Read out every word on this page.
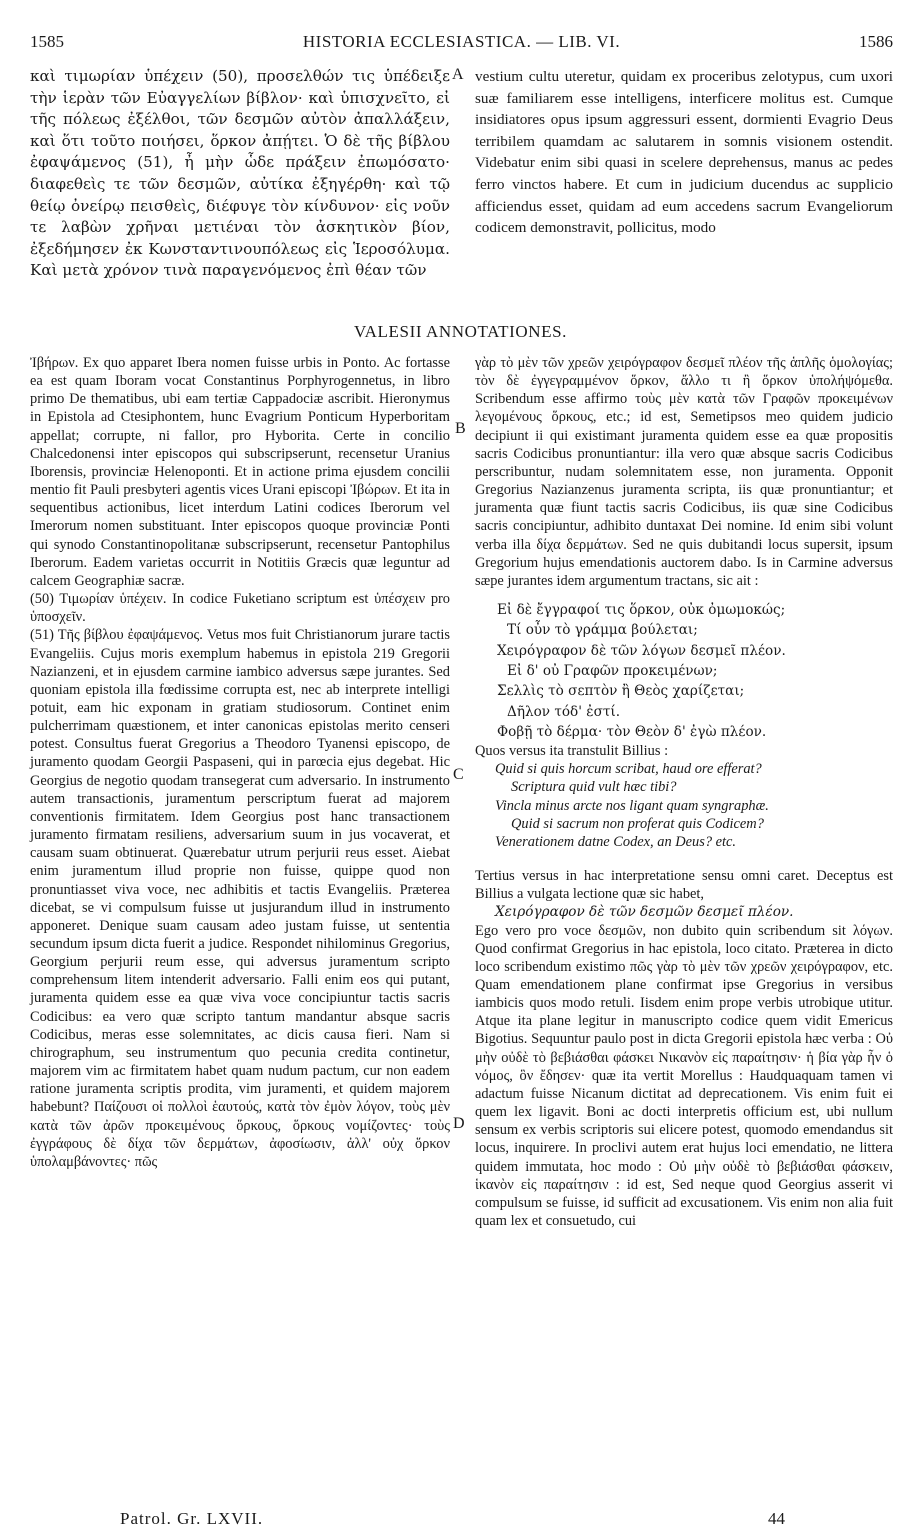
1585	HISTORIA ECCLESIASTICA. — LIB. VI.	1586

καὶ τιμωρίαν ὑπέχειν (50), προσελθών τις ὑπέδειξε τὴν ἱερὰν τῶν Εὐαγγελίων βίβλον· καὶ ὑπισχνεῖτο, εἰ τῆς πόλεως ἐξέλθοι, τῶν δεσμῶν αὐτὸν ἀπαλλάξειν, καὶ ὅτι τοῦτο ποιήσει, ὅρκον ἀπῄτει. Ὁ δὲ τῆς βίβλου ἐφαψάμενος (51), ἦ μὴν ὧδε πράξειν ἐπωμόσατο· διαφεθεὶς τε τῶν δεσμῶν, αὐτίκα ἐξηγέρθη· καὶ τῷ θείῳ ὀνείρῳ πεισθεὶς, διέφυγε τὸν κίνδυνον· εἰς νοῦν τε λαβὼν χρῆναι μετιέναι τὸν ἀσκητικὸν βίον, ἐξεδήμησεν ἐκ Κωνσταντινουπόλεως εἰς Ἱεροσόλυμα. Καὶ μετὰ χρόνον τινὰ παραγενόμενος ἐπὶ θέαν τῶν

A vestium cultu uteretur, quidam ex proceribus zelotypus, cum uxori suæ familiarem esse intelligens, interficere molitus est. Cumque insidiatores opus ipsum aggressuri essent, dormienti Evagrio Deus terribilem quamdam ac salutarem in somnis visionem ostendit. Videbatur enim sibi quasi in scelere deprehensus, manus ac pedes ferro vinctos habere. Et cum in judicium ducendus ac supplicio afficiendus esset, quidam ad eum accedens sacrum Evangeliorum codicem demonstravit, pollicitus, modo

VALESII ANNOTATIONES.

Ἰβήρων. Ex quo apparet Ibera nomen fuisse urbis in Ponto. Ac fortasse ea est quam Iboram vocat Constantinus Porphyrogennetus, in libro primo De thematibus, ubi eam tertiæ Cappadociæ ascribit. Hieronymus in Epistola ad Ctesiphontem, hunc Evagrium Ponticum Hyperboritam appellat; corrupte, ni fallor, pro Hyborita. Certe in concilio Chalcedonensi inter episcopos qui subscripserunt, recensetur Uranius Iborensis, provinciæ Helenoponti. Et in actione prima ejusdem concilii mentio fit Pauli presbyteri agentis vices Urani episcopi Ἰβώρων. Et ita in sequentibus actionibus, licet interdum Latini codices Iberorum vel Imerorum nomen substituant. Inter episcopos quoque provinciæ Ponti qui synodo Constantinopolitanæ subscripserunt, recensetur Pantophilus Iberorum. Eadem varietas occurrit in Notitiis Græcis quæ leguntur ad calcem Geographiæ sacræ.

(50) Τιμωρίαν ὑπέχειν. In codice Fuketiano scriptum est ὑπέσχειν pro ὑποσχεῖν.

(51) Τῆς βίβλου ἐφαψάμενος. Vetus mos fuit Christianorum jurare tactis Evangeliis. Cujus moris exemplum habemus in epistola 219 Gregorii Nazianzeni, et in ejusdem carmine iambico adversus sæpe jurantes. Sed quoniam epistola illa fœdissime corrupta est, nec ab interprete intelligi potuit, eam hic exponam in gratiam studiosorum. Continet enim pulcherrimam quæstionem, et inter canonicas epistolas merito censeri potest. Consultus fuerat Gregorius a Theodoro Tyanensi episcopo, de juramento quodam Georgii Paspaseni, qui in parœcia ejus degebat. Hic Georgius de negotio quodam transegerat cum adversario. In instrumento autem transactionis, juramentum perscriptum fuerat ad majorem conventionis firmitatem. Idem Georgius post hanc transactionem juramento firmatam resiliens, adversarium suum in jus vocaverat, et causam suam obtinuerat. Quærebatur utrum perjurii reus esset. Aiebat enim juramentum illud proprie non fuisse, quippe quod non pronuntiasset viva voce, nec adhibitis et tactis Evangeliis. Præterea dicebat, se vi compulsum fuisse ut jusjurandum illud in instrumento apponeret. Denique suam causam adeo justam fuisse, ut sententia secundum ipsum dicta fuerit a judice. Respondet nihilominus Gregorius, Georgium perjurii reum esse, qui adversus juramentum scripto comprehensum litem intenderit adversario. Falli enim eos qui putant, juramenta quidem esse ea quæ viva voce concipiuntur tactis sacris Codicibus: ea vero quæ scripto tantum mandantur absque sacris Codicibus, meras esse solemnitates, ac dicis causa fieri. Nam si chirographum, seu instrumentum quo pecunia credita continetur, majorem vim ac firmitatem habet quam nudum pactum, cur non eadem ratione juramenta scriptis prodita, vim juramenti, et quidem majorem habebunt? Παίζουσι οἱ πολλοὶ ἑαυτούς, κατὰ τὸν ἐμὸν λόγον, τοὺς μὲν κατὰ τῶν ἀρῶν προκειμένους ὅρκους, ὅρκους νομίζοντες· τοὺς ἐγγράφους δὲ δίχα τῶν δερμάτων, ἀφοσίωσιν, ἀλλ' οὐχ ὅρκον ὑπολαμβάνοντες· πῶς

B
C
D

γὰρ τὸ μὲν τῶν χρεῶν χειρόγραφον δεσμεῖ πλέον τῆς ἁπλῆς ὁμολογίας; τὸν δὲ ἐγγεγραμμένον ὅρκον, ἄλλο τι ἢ ὅρκον ὑπολήψόμεθα. Scribendum esse affirmo τοὺς μὲν κατὰ τῶν Γραφῶν προκειμένων λεγομένους ὅρκους, etc.; id est, Semetipsos meo quidem judicio decipiunt ii qui existimant juramenta quidem esse ea quæ propositis sacris Codicibus pronuntiantur: illa vero quæ absque sacris Codicibus perscribuntur, nudam solemnitatem esse, non juramenta. Opponit Gregorius Nazianzenus juramenta scripta, iis quæ pronuntiantur; et juramenta quæ fiunt tactis sacris Codicibus, iis quæ sine Codicibus sacris concipiuntur, adhibito duntaxat Dei nomine. Id enim sibi volunt verba illa δίχα δερμάτων. Sed ne quis dubitandi locus supersit, ipsum Gregorium hujus emendationis auctorem dabo. Is in Carmine adversus sæpe jurantes idem argumentum tractans, sic ait :

Εἰ δὲ ἔγγραφοί τις ὅρκον, οὐκ ὀμωμοκώς;
Τί οὖν τὸ γράμμα βούλεται;
Χειρόγραφον δὲ τῶν λόγων δεσμεῖ πλέον.
Εἰ δ' οὐ Γραφῶν προκειμένων;
Σελλὶς τὸ σεπτὸν ἢ Θεὸς χαρίζεται;
Δῆλον τόδ' ἐστί.
Φοβῇ τὸ δέρμα· τὸν Θεὸν δ' ἐγὼ πλέον.

Quos versus ita transtulit Billius :

Quid si quis horcum scribat, haud ore efferat?
Scriptura quid vult hæc tibi?
Vincla minus arcte nos ligant quam syngraphæ.
Quid si sacrum non proferat quis Codicem?
Venerationem datne Codex, an Deus? etc.

Tertius versus in hac interpretatione sensu omni caret. Deceptus est Billius a vulgata lectione quæ sic habet,

Χειρόγραφον δὲ τῶν δεσμῶν δεσμεῖ πλέον.

Ego vero pro voce δεσμῶν, non dubito quin scribendum sit λόγων. Quod confirmat Gregorius in hac epistola, loco citato. Præterea in dicto loco scribendum existimo πῶς γὰρ τὸ μὲν τῶν χρεῶν χειρόγραφον, etc. Quam emendationem plane confirmat ipse Gregorius in versibus iambicis quos modo retuli. Iisdem enim prope verbis utrobique utitur. Atque ita plane legitur in manuscripto codice quem vidit Emericus Bigotius. Sequuntur paulo post in dicta Gregorii epistola hæc verba : Οὐ μὴν οὐδὲ τὸ βεβιάσθαι φάσκει Νικανὸν εἰς παραίτησιν· ἡ βία γὰρ ἦν ὁ νόμος, ὃν ἔδησεν· quæ ita vertit Morellus : Haudquaquam tamen vi adactum fuisse Nicanum dictitat ad deprecationem. Vis enim fuit ei quem lex ligavit. Boni ac docti interpretis officium est, ubi nullum sensum ex verbis scriptoris sui elicere potest, quomodo emendandus sit locus, inquirere. In proclivi autem erat hujus loci emendatio, ne littera quidem immutata, hoc modo : Οὐ μὴν οὐδὲ τὸ βεβιάσθαι φάσκειν, ἱκανὸν εἰς παραίτησιν : id est, Sed neque quod Georgius asserit vi compulsum se fuisse, id sufficit ad excusationem. Vis enim non alia fuit quam lex et consuetudo, cui

Patrol. Gr. LXVII.	44
